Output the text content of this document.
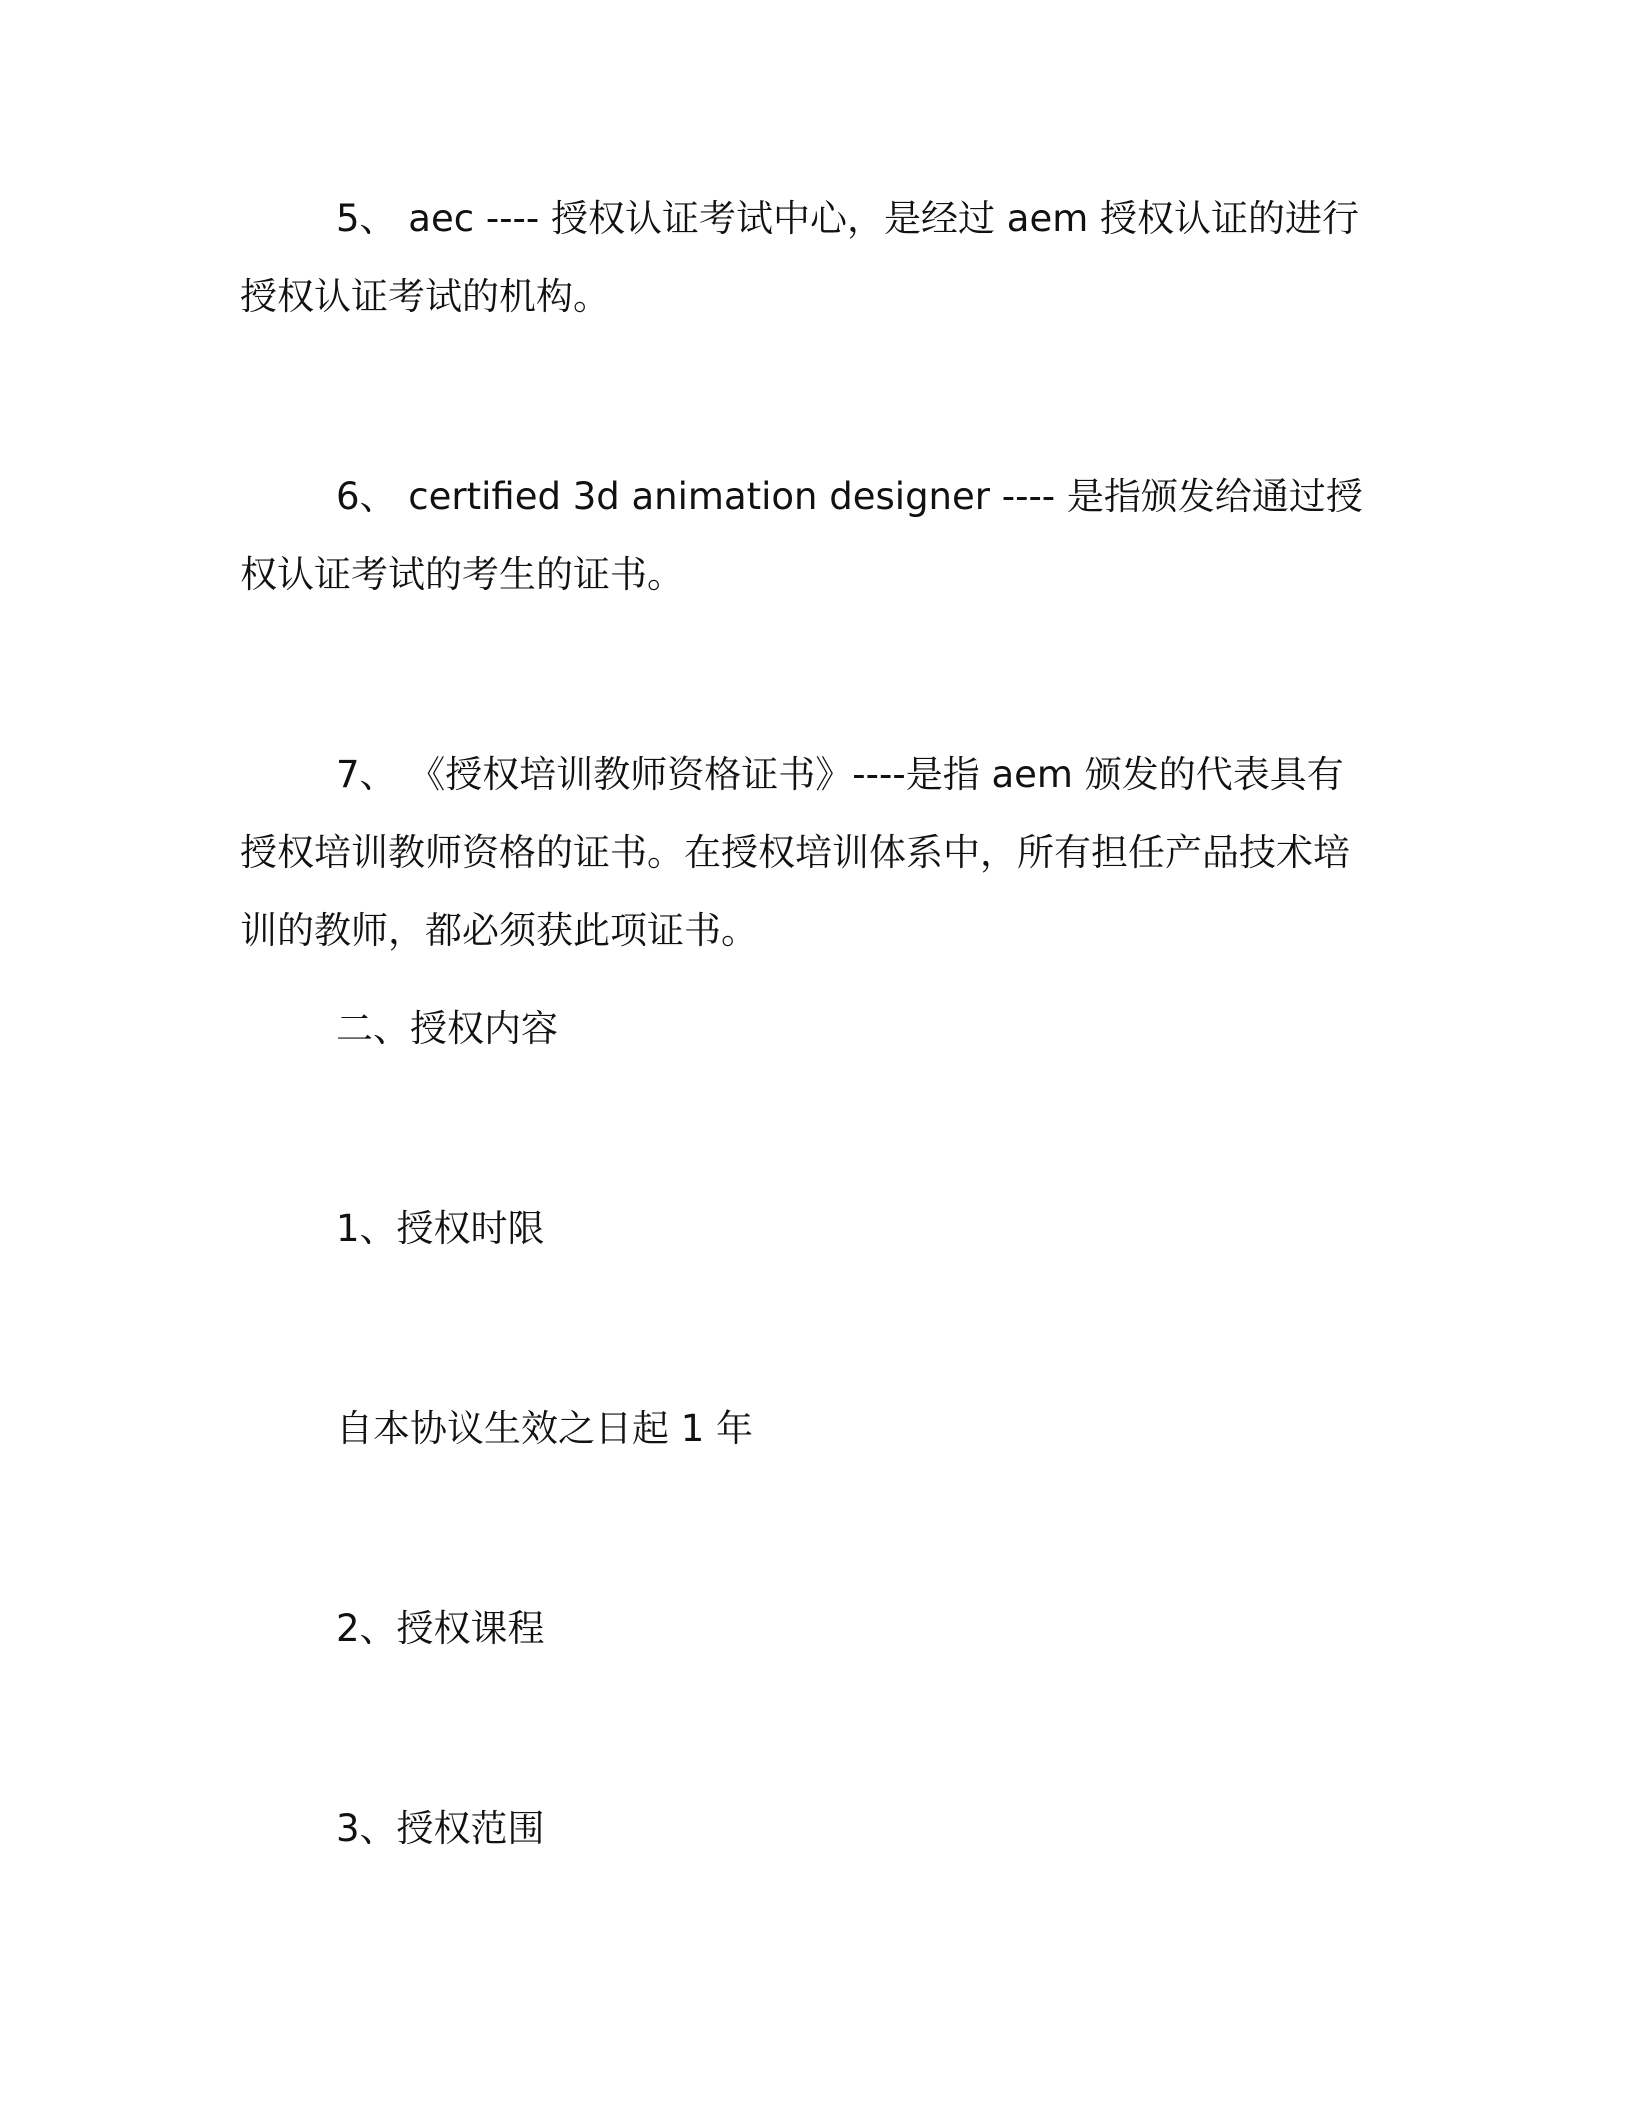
5、 aec ---- 授权认证考试中心，是经过 aem 授权认证的进行授权认证考试的机构。

6、 certified 3d animation designer ---- 是指颁发给通过授权认证考试的考生的证书。

7、 《授权培训教师资格证书》----是指 aem 颁发的代表具有授权培训教师资格的证书。在授权培训体系中，所有担任产品技术培训的教师，都必须获此项证书。

二、授权内容

1、授权时限

自本协议生效之日起 1 年

2、授权课程

3、授权范围
